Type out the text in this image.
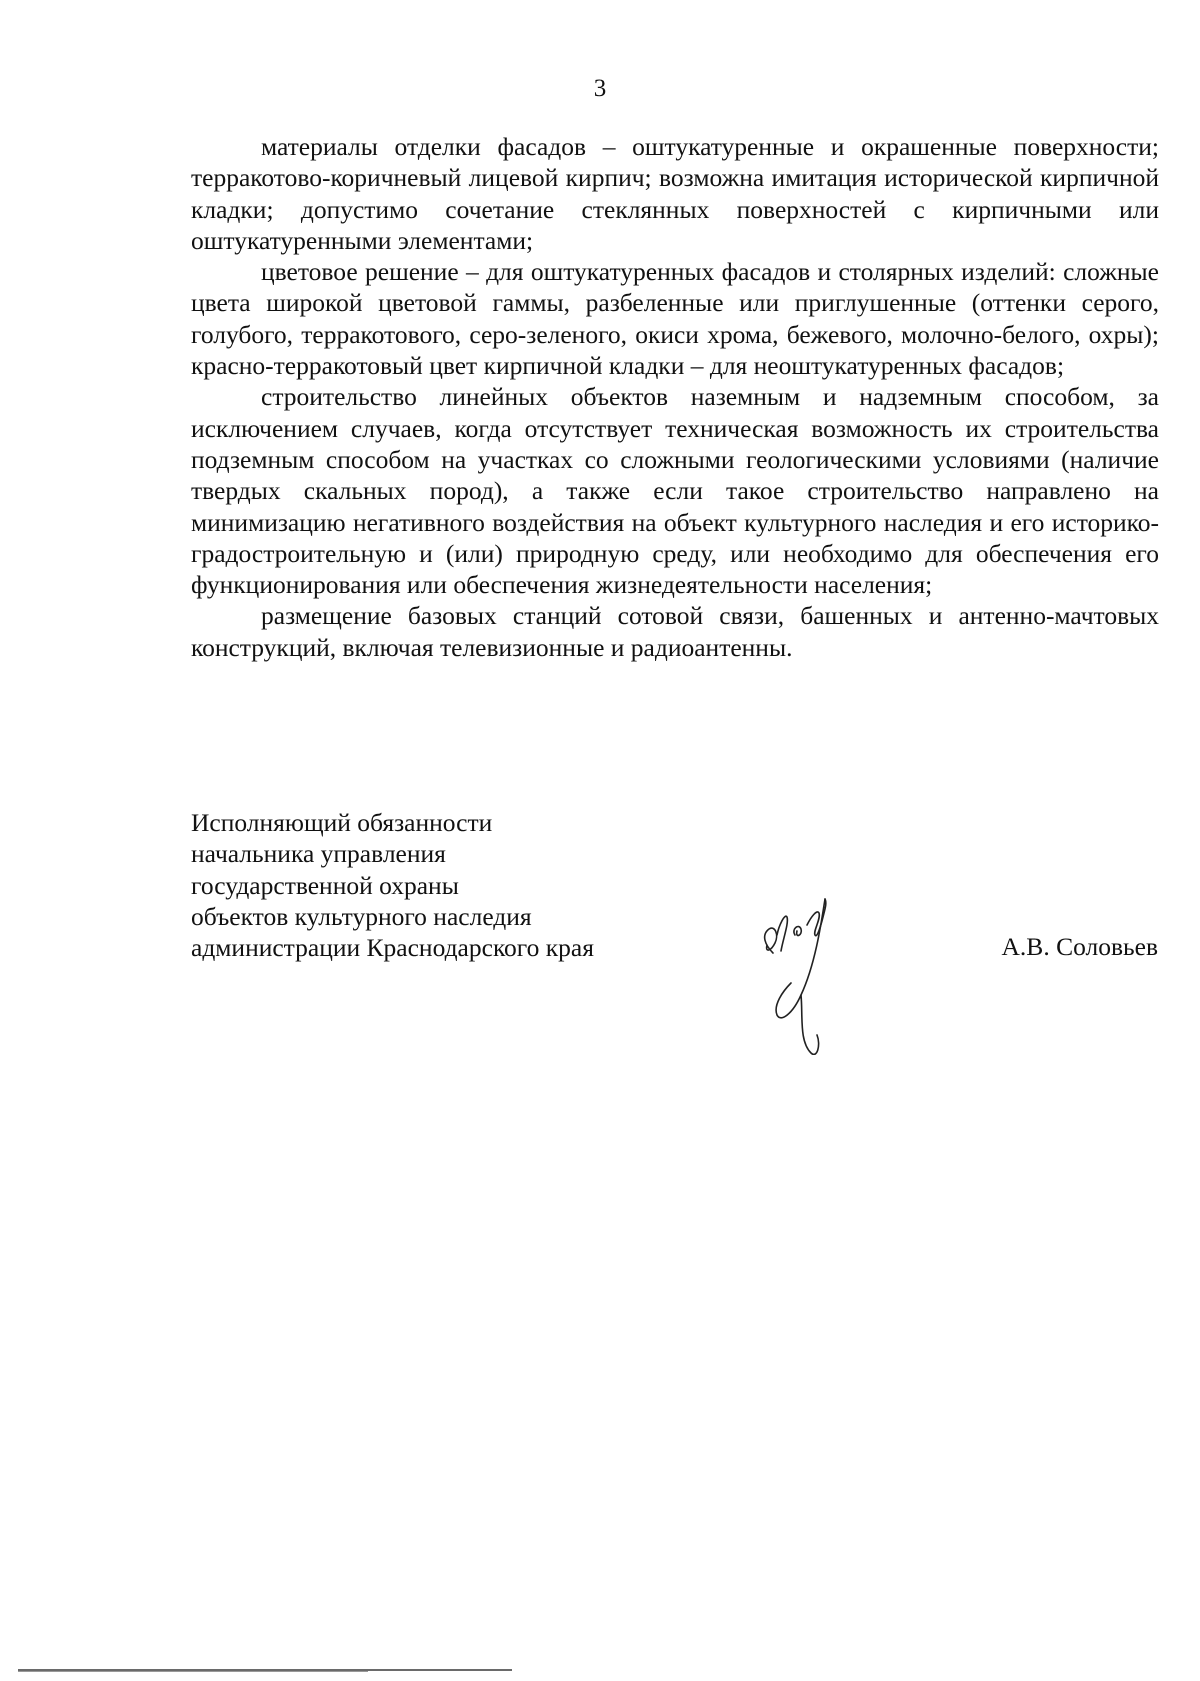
3

материалы отделки фасадов – оштукатуренные и окрашенные поверхности; терракотово-коричневый лицевой кирпич; возможна имитация исторической кирпичной кладки; допустимо сочетание стеклянных поверхностей с кирпичными или оштукатуренными элементами;

цветовое решение – для оштукатуренных фасадов и столярных изделий: сложные цвета широкой цветовой гаммы, разбеленные или приглушенные (оттенки серого, голубого, терракотового, серо-зеленого, окиси хрома, бежевого, молочно-белого, охры); красно-терракотовый цвет кирпичной кладки – для неоштукатуренных фасадов;

строительство линейных объектов наземным и надземным способом, за исключением случаев, когда отсутствует техническая возможность их строительства подземным способом на участках со сложными геологическими условиями (наличие твердых скальных пород), а также если такое строительство направлено на минимизацию негативного воздействия на объект культурного наследия и его историко-градостроительную и (или) природную среду, или необходимо для обеспечения его функционирования или обеспечения жизнедеятельности населения;

размещение базовых станций сотовой связи, башенных и антенно-мачтовых конструкций, включая телевизионные и радиоантенны.

Исполняющий обязанности
начальника управления
государственной охраны
объектов культурного наследия
администрации Краснодарского края	А.В. Соловьев
